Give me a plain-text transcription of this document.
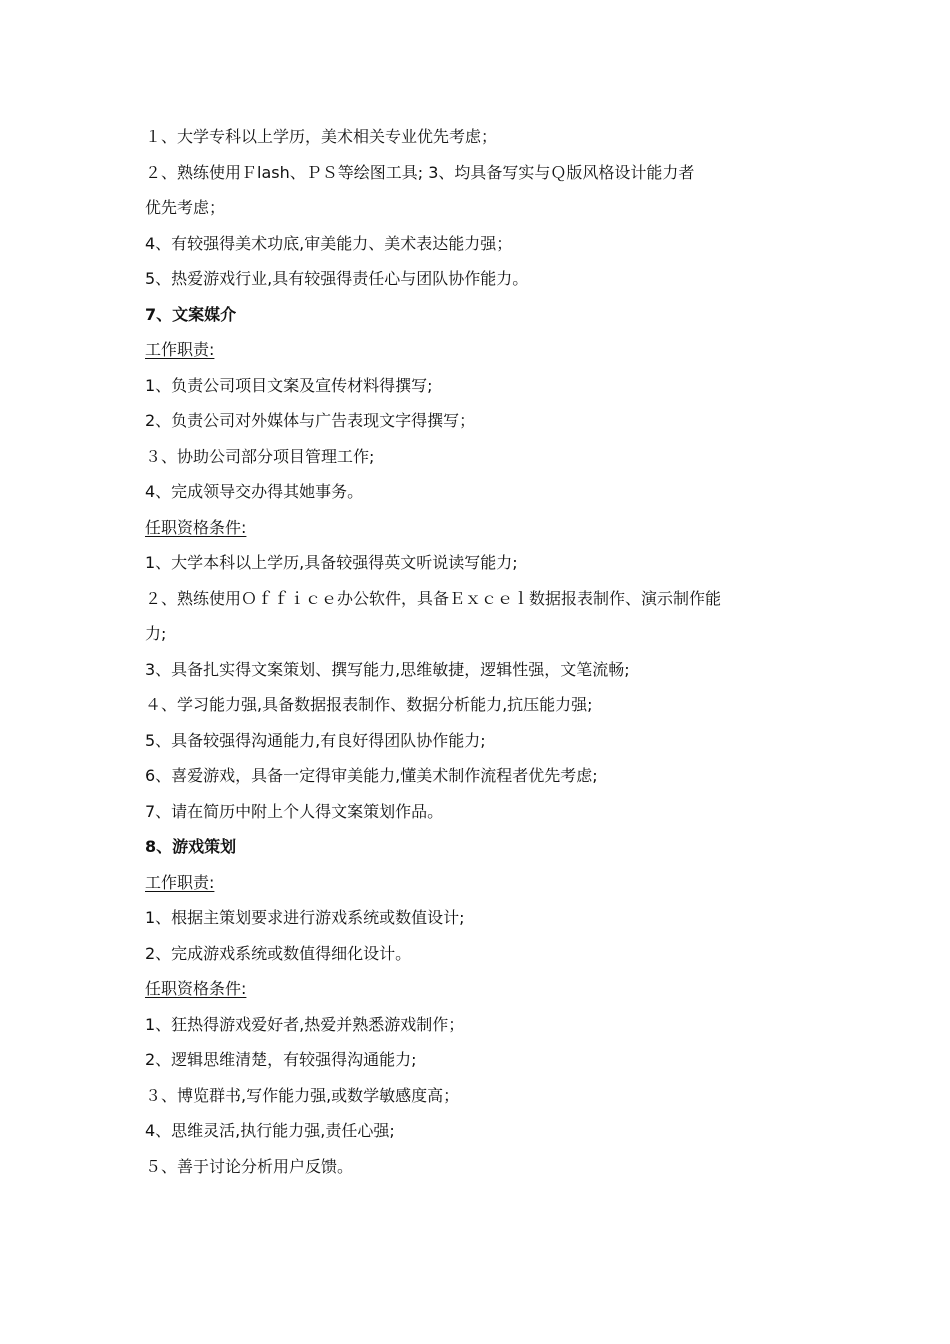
１、大学专科以上学历，美术相关专业优先考虑；
２、熟练使用Ｆlash、ＰＳ等绘图工具; 3、均具备写实与Ｑ版风格设计能力者
优先考虑；
4、有较强得美术功底,审美能力、美术表达能力强；
5、热爱游戏行业,具有较强得责任心与团队协作能力。
7、文案媒介
工作职责:
1、负责公司项目文案及宣传材料得撰写;
2、负责公司对外媒体与广告表现文字得撰写；
３、协助公司部分项目管理工作;
4、完成领导交办得其她事务。
任职资格条件:
1、大学本科以上学历,具备较强得英文听说读写能力;
２、熟练使用Ｏｆｆｉｃｅ办公软件，具备Ｅｘｃｅｌ数据报表制作、演示制作能
力;
3、具备扎实得文案策划、撰写能力,思维敏捷，逻辑性强，文笔流畅;
４、学习能力强,具备数据报表制作、数据分析能力,抗压能力强;
5、具备较强得沟通能力,有良好得团队协作能力;
6、喜爱游戏，具备一定得审美能力,懂美术制作流程者优先考虑;
7、请在简历中附上个人得文案策划作品。
8、游戏策划
工作职责:
1、根据主策划要求进行游戏系统或数值设计;
2、完成游戏系统或数值得细化设计。
任职资格条件:
1、狂热得游戏爱好者,热爱并熟悉游戏制作；
2、逻辑思维清楚，有较强得沟通能力;
３、博览群书,写作能力强,或数学敏感度高；
4、思维灵活,执行能力强,责任心强;
５、善于讨论分析用户反馈。
